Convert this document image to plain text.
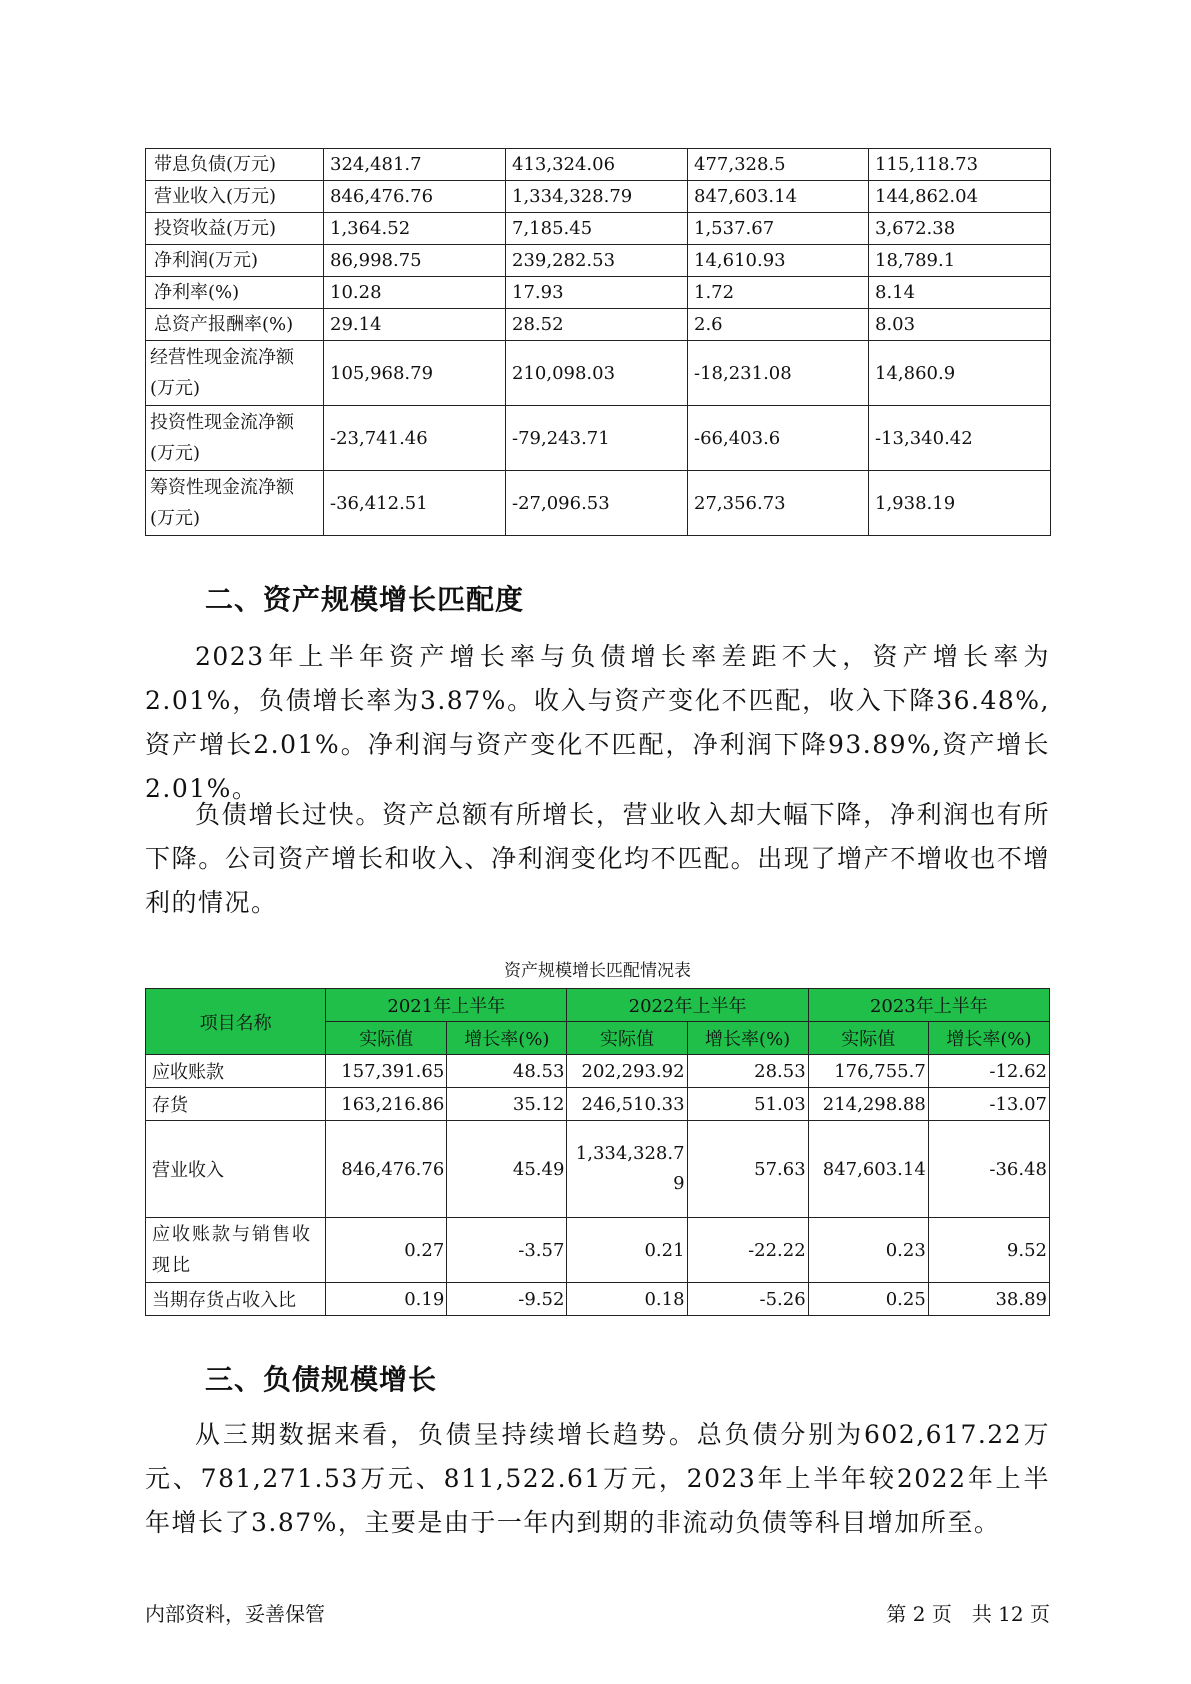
带息负债(万元)	324,481.7	413,324.06	477,328.5	115,118.73
营业收入(万元)	846,476.76	1,334,328.79	847,603.14	144,862.04
投资收益(万元)	1,364.52	7,185.45	1,537.67	3,672.38
净利润(万元)	86,998.75	239,282.53	14,610.93	18,789.1
净利率(%)	10.28	17.93	1.72	8.14
总资产报酬率(%)	29.14	28.52	2.6	8.03
经营性现金流净额(万元)	105,968.79	210,098.03	-18,231.08	14,860.9
投资性现金流净额(万元)	-23,741.46	-79,243.71	-66,403.6	-13,340.42
筹资性现金流净额(万元)	-36,412.51	-27,096.53	27,356.73	1,938.19
二、资产规模增长匹配度

2023年上半年资产增长率与负债增长率差距不大，资产增长率为2.01%，负债增长率为3.87%。收入与资产变化不匹配，收入下降36.48%,资产增长2.01%。净利润与资产变化不匹配，净利润下降93.89%,资产增长2.01%。

负债增长过快。资产总额有所增长，营业收入却大幅下降，净利润也有所下降。公司资产增长和收入、净利润变化均不匹配。出现了增产不增收也不增利的情况。

资产规模增长匹配情况表
项目名称	2021年上半年		2022年上半年		2023年上半年	
	实际值	增长率(%)	实际值	增长率(%)	实际值	增长率(%)
应收账款	157,391.65	48.53	202,293.92	28.53	176,755.7	-12.62
存货	163,216.86	35.12	246,510.33	51.03	214,298.88	-13.07
营业收入	846,476.76	45.49	1,334,328.79	57.63	847,603.14	-36.48
应收账款与销售收现比	0.27	-3.57	0.21	-22.22	0.23	9.52
当期存货占收入比	0.19	-9.52	0.18	-5.26	0.25	38.89
三、负债规模增长

从三期数据来看，负债呈持续增长趋势。总负债分别为602,617.22万元、781,271.53万元、811,522.61万元，2023年上半年较2022年上半年增长了3.87%，主要是由于一年内到期的非流动负债等科目增加所至。

内部资料，妥善保管	第 2 页　共 12 页
